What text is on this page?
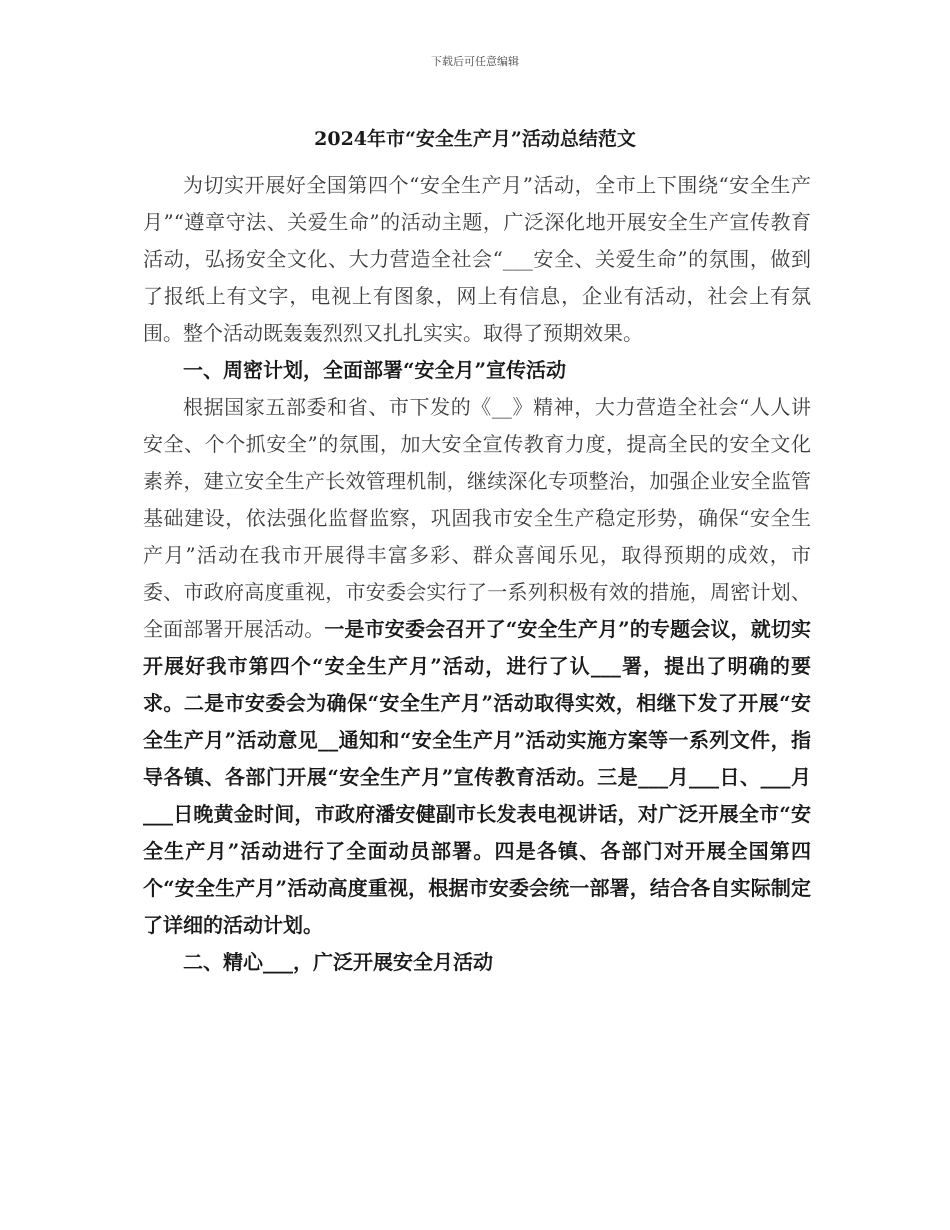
下载后可任意编辑
2024年市“安全生产月”活动总结范文

为切实开展好全国第四个“安全生产月”活动，全市上下围绕“安全生产月”“遵章守法、关爱生命”的活动主题，广泛深化地开展安全生产宣传教育活动，弘扬安全文化、大力营造全社会“___安全、关爱生命”的氛围，做到了报纸上有文字，电视上有图象，网上有信息，企业有活动，社会上有氛围。整个活动既轰轰烈烈又扎扎实实。取得了预期效果。

一、周密计划，全面部署“安全月”宣传活动

根据国家五部委和省、市下发的《__》精神，大力营造全社会“人人讲安全、个个抓安全”的氛围，加大安全宣传教育力度，提高全民的安全文化素养，建立安全生产长效管理机制，继续深化专项整治，加强企业安全监管基础建设，依法强化监督监察，巩固我市安全生产稳定形势，确保“安全生产月”活动在我市开展得丰富多彩、群众喜闻乐见，取得预期的成效，市委、市政府高度重视，市安委会实行了一系列积极有效的措施，周密计划、全面部署开展活动。一是市安委会召开了“安全生产月”的专题会议，就切实开展好我市第四个“安全生产月”活动，进行了认___署，提出了明确的要求。二是市安委会为确保“安全生产月”活动取得实效，相继下发了开展“安全生产月”活动意见__通知和“安全生产月”活动实施方案等一系列文件，指导各镇、各部门开展“安全生产月”宣传教育活动。三是___月___日、___月___日晚黄金时间，市政府潘安健副市长发表电视讲话，对广泛开展全市“安全生产月”活动进行了全面动员部署。四是各镇、各部门对开展全国第四个“安全生产月”活动高度重视，根据市安委会统一部署，结合各自实际制定了详细的活动计划。

二、精心___，广泛开展安全月活动
